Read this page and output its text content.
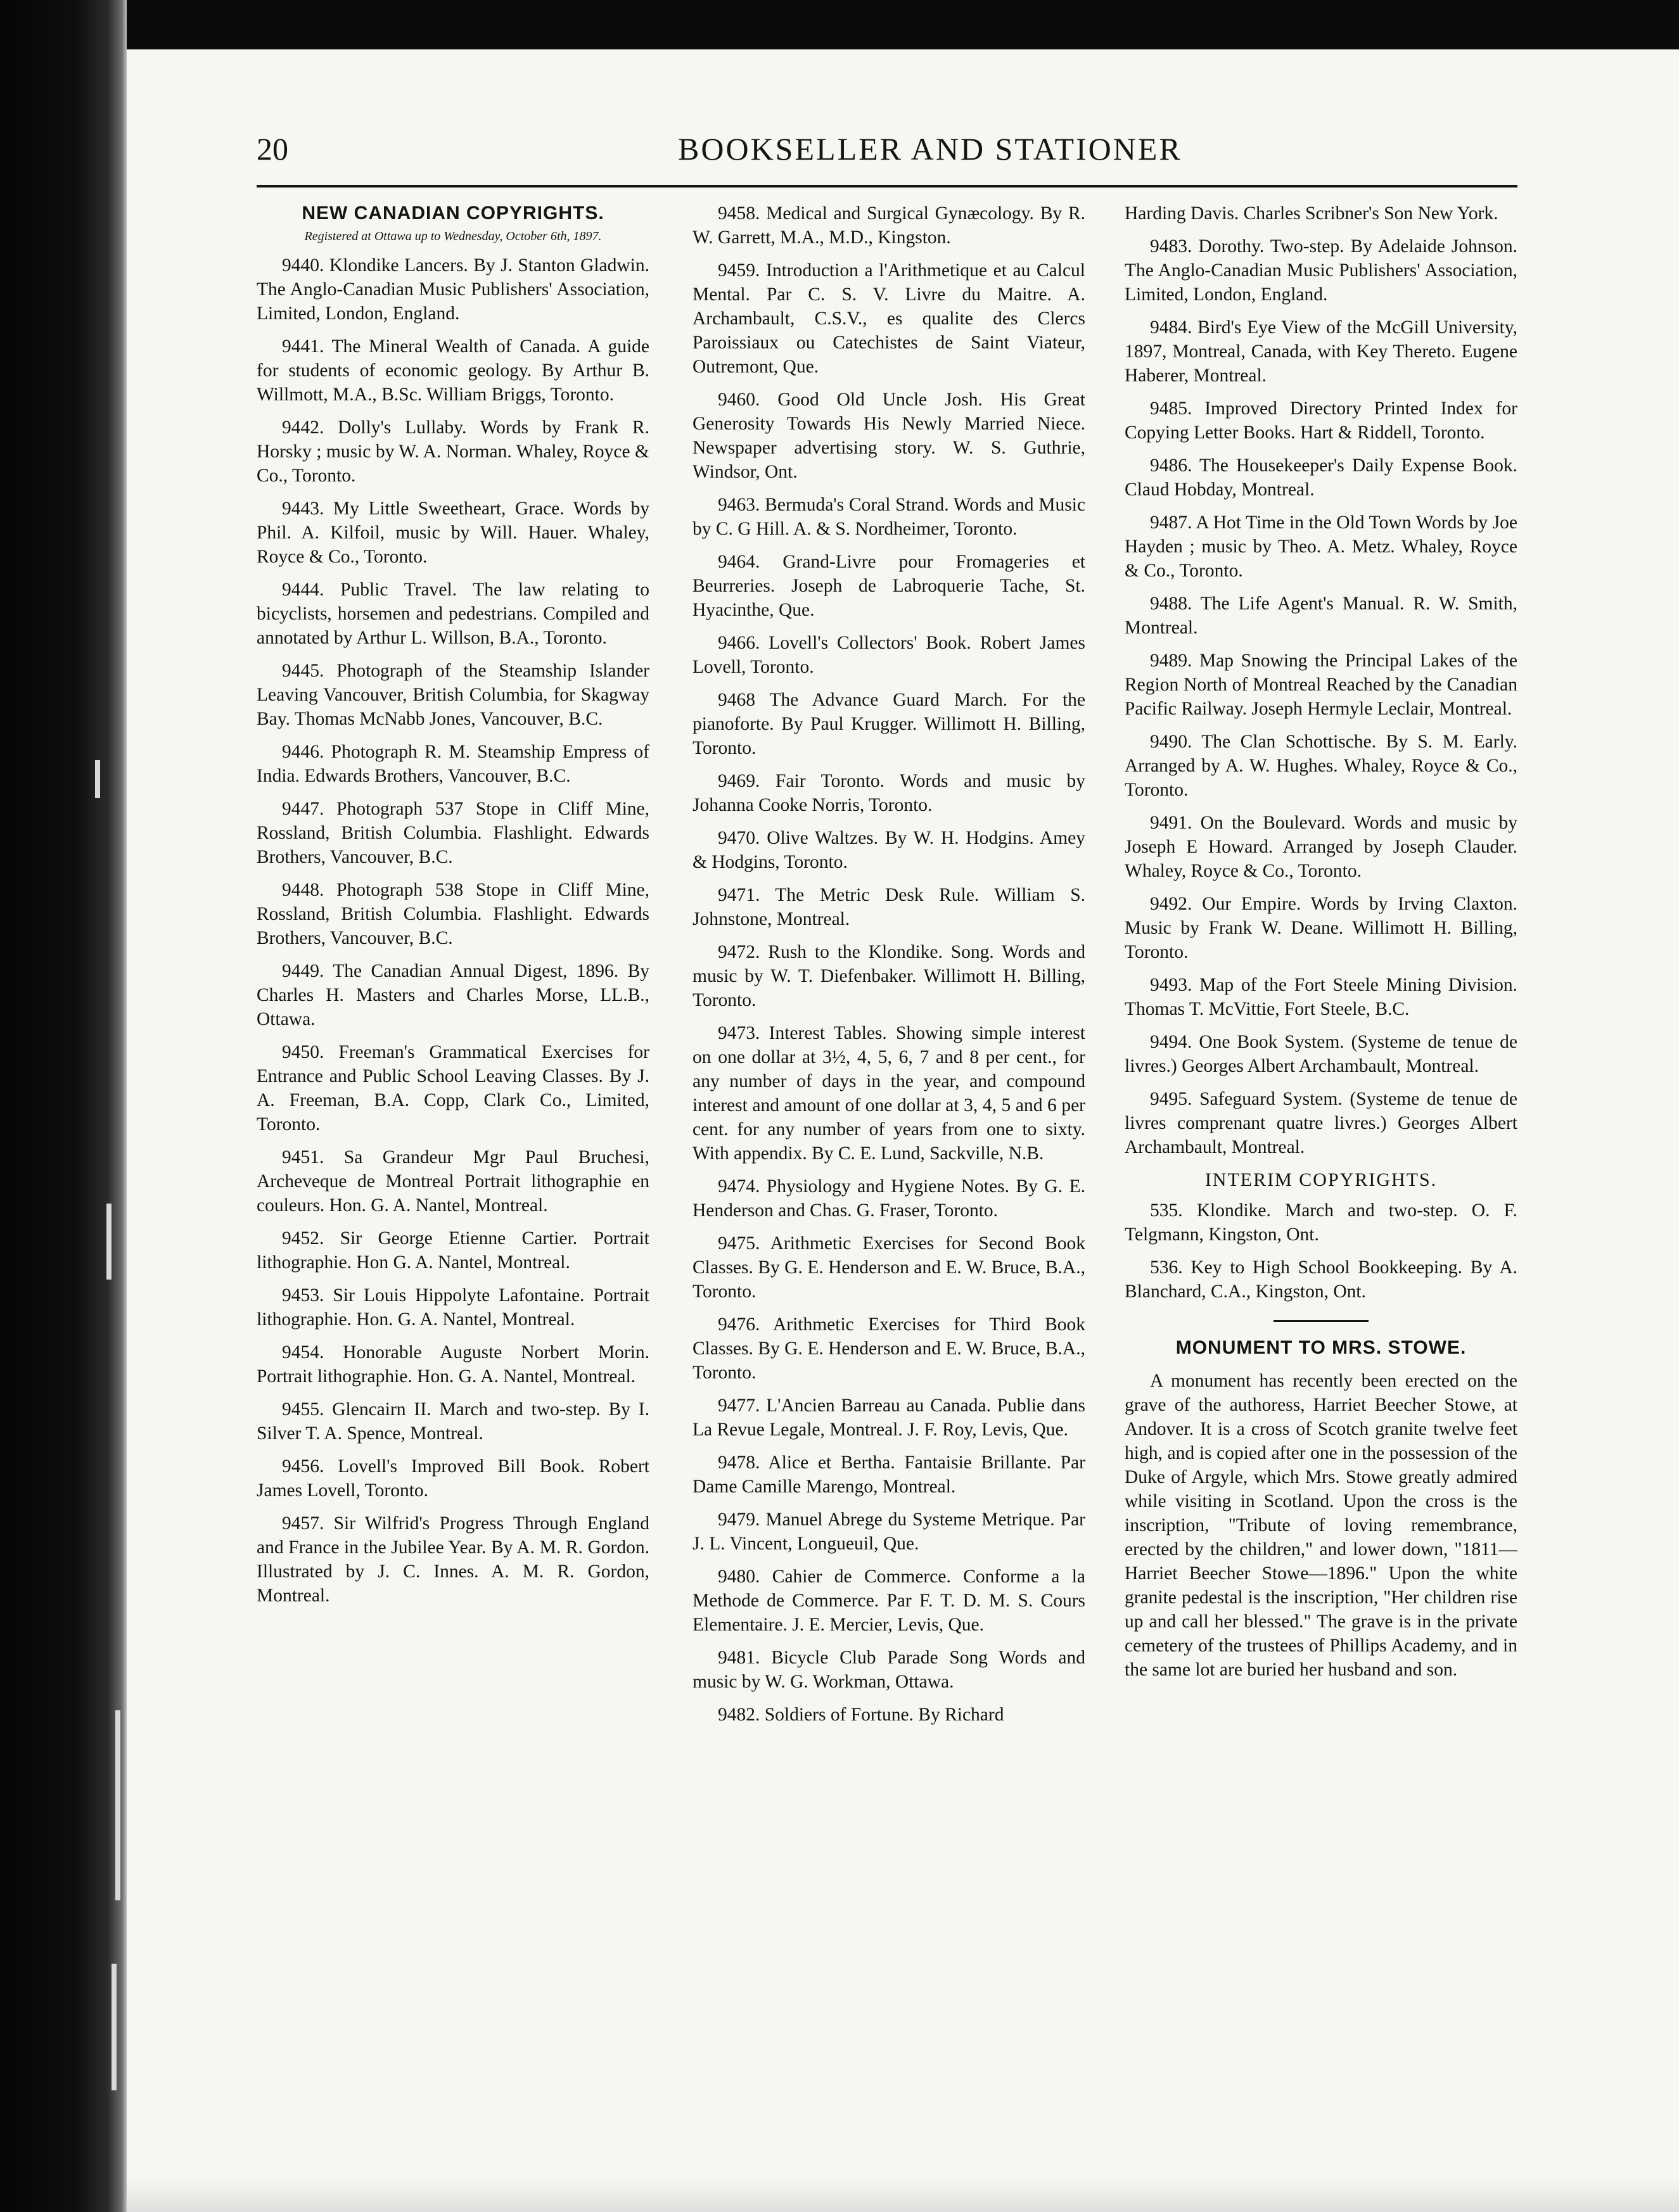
20	BOOKSELLER AND STATIONER
NEW CANADIAN COPYRIGHTS.
Registered at Ottawa up to Wednesday, October 6th, 1897.

9440. Klondike Lancers. By J. Stanton Gladwin. The Anglo-Canadian Music Publishers' Association, Limited, London, England.

9441. The Mineral Wealth of Canada. A guide for students of economic geology. By Arthur B. Willmott, M.A., B.Sc. William Briggs, Toronto.

9442. Dolly's Lullaby. Words by Frank R. Horsky ; music by W. A. Norman. Whaley, Royce & Co., Toronto.

9443. My Little Sweetheart, Grace. Words by Phil. A. Kilfoil, music by Will. Hauer. Whaley, Royce & Co., Toronto.

9444. Public Travel. The law relating to bicyclists, horsemen and pedestrians. Compiled and annotated by Arthur L. Willson, B.A., Toronto.

9445. Photograph of the Steamship Islander Leaving Vancouver, British Columbia, for Skagway Bay. Thomas McNabb Jones, Vancouver, B.C.

9446. Photograph R. M. Steamship Empress of India. Edwards Brothers, Vancouver, B.C.

9447. Photograph 537 Stope in Cliff Mine, Rossland, British Columbia. Flashlight. Edwards Brothers, Vancouver, B.C.

9448. Photograph 538 Stope in Cliff Mine, Rossland, British Columbia. Flashlight. Edwards Brothers, Vancouver, B.C.

9449. The Canadian Annual Digest, 1896. By Charles H. Masters and Charles Morse, LL.B., Ottawa.

9450. Freeman's Grammatical Exercises for Entrance and Public School Leaving Classes. By J. A. Freeman, B.A. Copp, Clark Co., Limited, Toronto.

9451. Sa Grandeur Mgr Paul Bruchesi, Archeveque de Montreal Portrait lithographie en couleurs. Hon. G. A. Nantel, Montreal.

9452. Sir George Etienne Cartier. Portrait lithographie. Hon G. A. Nantel, Montreal.

9453. Sir Louis Hippolyte Lafontaine. Portrait lithographie. Hon. G. A. Nantel, Montreal.

9454. Honorable Auguste Norbert Morin. Portrait lithographie. Hon. G. A. Nantel, Montreal.

9455. Glencairn II. March and two-step. By I. Silver T. A. Spence, Montreal.

9456. Lovell's Improved Bill Book. Robert James Lovell, Toronto.

9457. Sir Wilfrid's Progress Through England and France in the Jubilee Year. By A. M. R. Gordon. Illustrated by J. C. Innes. A. M. R. Gordon, Montreal.

9458. Medical and Surgical Gynæcology. By R. W. Garrett, M.A., M.D., Kingston.

9459. Introduction a l'Arithmetique et au Calcul Mental. Par C. S. V. Livre du Maitre. A. Archambault, C.S.V., es qualite des Clercs Paroissiaux ou Catechistes de Saint Viateur, Outremont, Que.

9460. Good Old Uncle Josh. His Great Generosity Towards His Newly Married Niece. Newspaper advertising story. W. S. Guthrie, Windsor, Ont.

9463. Bermuda's Coral Strand. Words and Music by C. G Hill. A. & S. Nordheimer, Toronto.

9464. Grand-Livre pour Fromageries et Beurreries. Joseph de Labroquerie Tache, St. Hyacinthe, Que.

9466. Lovell's Collectors' Book. Robert James Lovell, Toronto.

9468 The Advance Guard March. For the pianoforte. By Paul Krugger. Willimott H. Billing, Toronto.

9469. Fair Toronto. Words and music by Johanna Cooke Norris, Toronto.

9470. Olive Waltzes. By W. H. Hodgins. Amey & Hodgins, Toronto.

9471. The Metric Desk Rule. William S. Johnstone, Montreal.

9472. Rush to the Klondike. Song. Words and music by W. T. Diefenbaker. Willimott H. Billing, Toronto.

9473. Interest Tables. Showing simple interest on one dollar at 3½, 4, 5, 6, 7 and 8 per cent., for any number of days in the year, and compound interest and amount of one dollar at 3, 4, 5 and 6 per cent. for any number of years from one to sixty. With appendix. By C. E. Lund, Sackville, N.B.

9474. Physiology and Hygiene Notes. By G. E. Henderson and Chas. G. Fraser, Toronto.

9475. Arithmetic Exercises for Second Book Classes. By G. E. Henderson and E. W. Bruce, B.A., Toronto.

9476. Arithmetic Exercises for Third Book Classes. By G. E. Henderson and E. W. Bruce, B.A., Toronto.

9477. L'Ancien Barreau au Canada. Publie dans La Revue Legale, Montreal. J. F. Roy, Levis, Que.

9478. Alice et Bertha. Fantaisie Brillante. Par Dame Camille Marengo, Montreal.

9479. Manuel Abrege du Systeme Metrique. Par J. L. Vincent, Longueuil, Que.

9480. Cahier de Commerce. Conforme a la Methode de Commerce. Par F. T. D. M. S. Cours Elementaire. J. E. Mercier, Levis, Que.

9481. Bicycle Club Parade Song Words and music by W. G. Workman, Ottawa.

9482. Soldiers of Fortune. By Richard

Harding Davis. Charles Scribner's Son New York.

9483. Dorothy. Two-step. By Adelaide Johnson. The Anglo-Canadian Music Publishers' Association, Limited, London, England.

9484. Bird's Eye View of the McGill University, 1897, Montreal, Canada, with Key Thereto. Eugene Haberer, Montreal.

9485. Improved Directory Printed Index for Copying Letter Books. Hart & Riddell, Toronto.

9486. The Housekeeper's Daily Expense Book. Claud Hobday, Montreal.

9487. A Hot Time in the Old Town Words by Joe Hayden ; music by Theo. A. Metz. Whaley, Royce & Co., Toronto.

9488. The Life Agent's Manual. R. W. Smith, Montreal.

9489. Map Snowing the Principal Lakes of the Region North of Montreal Reached by the Canadian Pacific Railway. Joseph Hermyle Leclair, Montreal.

9490. The Clan Schottische. By S. M. Early. Arranged by A. W. Hughes. Whaley, Royce & Co., Toronto.

9491. On the Boulevard. Words and music by Joseph E Howard. Arranged by Joseph Clauder. Whaley, Royce & Co., Toronto.

9492. Our Empire. Words by Irving Claxton. Music by Frank W. Deane. Willimott H. Billing, Toronto.

9493. Map of the Fort Steele Mining Division. Thomas T. McVittie, Fort Steele, B.C.

9494. One Book System. (Systeme de tenue de livres.) Georges Albert Archambault, Montreal.

9495. Safeguard System. (Systeme de tenue de livres comprenant quatre livres.) Georges Albert Archambault, Montreal.

INTERIM COPYRIGHTS.

535. Klondike. March and two-step. O. F. Telgmann, Kingston, Ont.

536. Key to High School Bookkeeping. By A. Blanchard, C.A., Kingston, Ont.

MONUMENT TO MRS. STOWE.

A monument has recently been erected on the grave of the authoress, Harriet Beecher Stowe, at Andover. It is a cross of Scotch granite twelve feet high, and is copied after one in the possession of the Duke of Argyle, which Mrs. Stowe greatly admired while visiting in Scotland. Upon the cross is the inscription, "Tribute of loving remembrance, erected by the children," and lower down, "1811—Harriet Beecher Stowe—1896." Upon the white granite pedestal is the inscription, "Her children rise up and call her blessed." The grave is in the private cemetery of the trustees of Phillips Academy, and in the same lot are buried her husband and son.
